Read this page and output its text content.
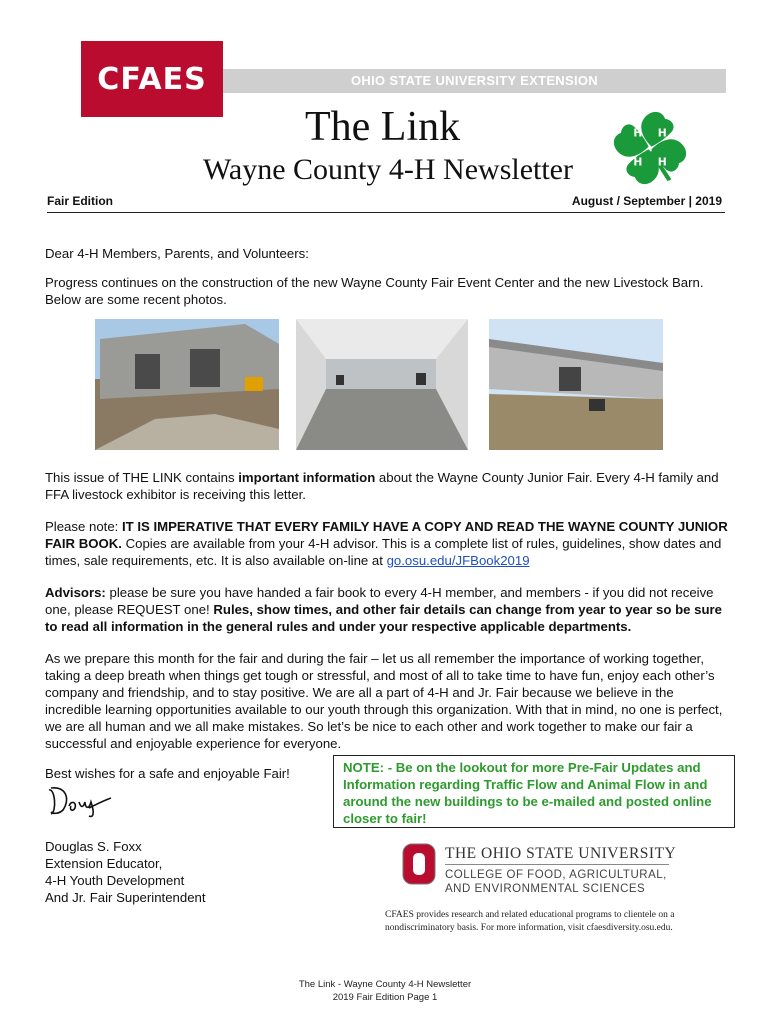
CFAES	OHIO STATE UNIVERSITY EXTENSION
The Link
Wayne County 4-H Newsletter
H H
H H
Fair Edition	August / September | 2019
Dear 4-H Members, Parents, and Volunteers:
Progress continues on the construction of the new Wayne County Fair Event Center and the new Livestock Barn. Below are some recent photos.
This issue of THE LINK contains important information about the Wayne County Junior Fair. Every 4-H family and FFA livestock exhibitor is receiving this letter.
Please note: IT IS IMPERATIVE THAT EVERY FAMILY HAVE A COPY AND READ THE WAYNE COUNTY JUNIOR FAIR BOOK. Copies are available from your 4-H advisor. This is a complete list of rules, guidelines, show dates and times, sale requirements, etc. It is also available on-line at go.osu.edu/JFBook2019
Advisors: please be sure you have handed a fair book to every 4-H member, and members - if you did not receive one, please REQUEST one! Rules, show times, and other fair details can change from year to year so be sure to read all information in the general rules and under your respective applicable departments.
As we prepare this month for the fair and during the fair – let us all remember the importance of working together, taking a deep breath when things get tough or stressful, and most of all to take time to have fun, enjoy each other’s company and friendship, and to stay positive. We are all a part of 4-H and Jr. Fair because we believe in the incredible learning opportunities available to our youth through this organization. With that in mind, no one is perfect, we are all human and we all make mistakes. So let’s be nice to each other and work together to make our fair a successful and enjoyable experience for everyone.
Best wishes for a safe and enjoyable Fair!	NOTE: - Be on the lookout for more Pre-Fair Updates and Information regarding Traffic Flow and Animal Flow in and around the new buildings to be e-mailed and posted online closer to fair!
Douglas S. Foxx
Extension Educator,
4-H Youth Development
And Jr. Fair Superintendent
THE OHIO STATE UNIVERSITY
COLLEGE OF FOOD, AGRICULTURAL,
AND ENVIRONMENTAL SCIENCES
CFAES provides research and related educational programs to clientele on a nondiscriminatory basis. For more information, visit cfaesdiversity.osu.edu.
The Link - Wayne County 4-H Newsletter
2019 Fair Edition Page 1
